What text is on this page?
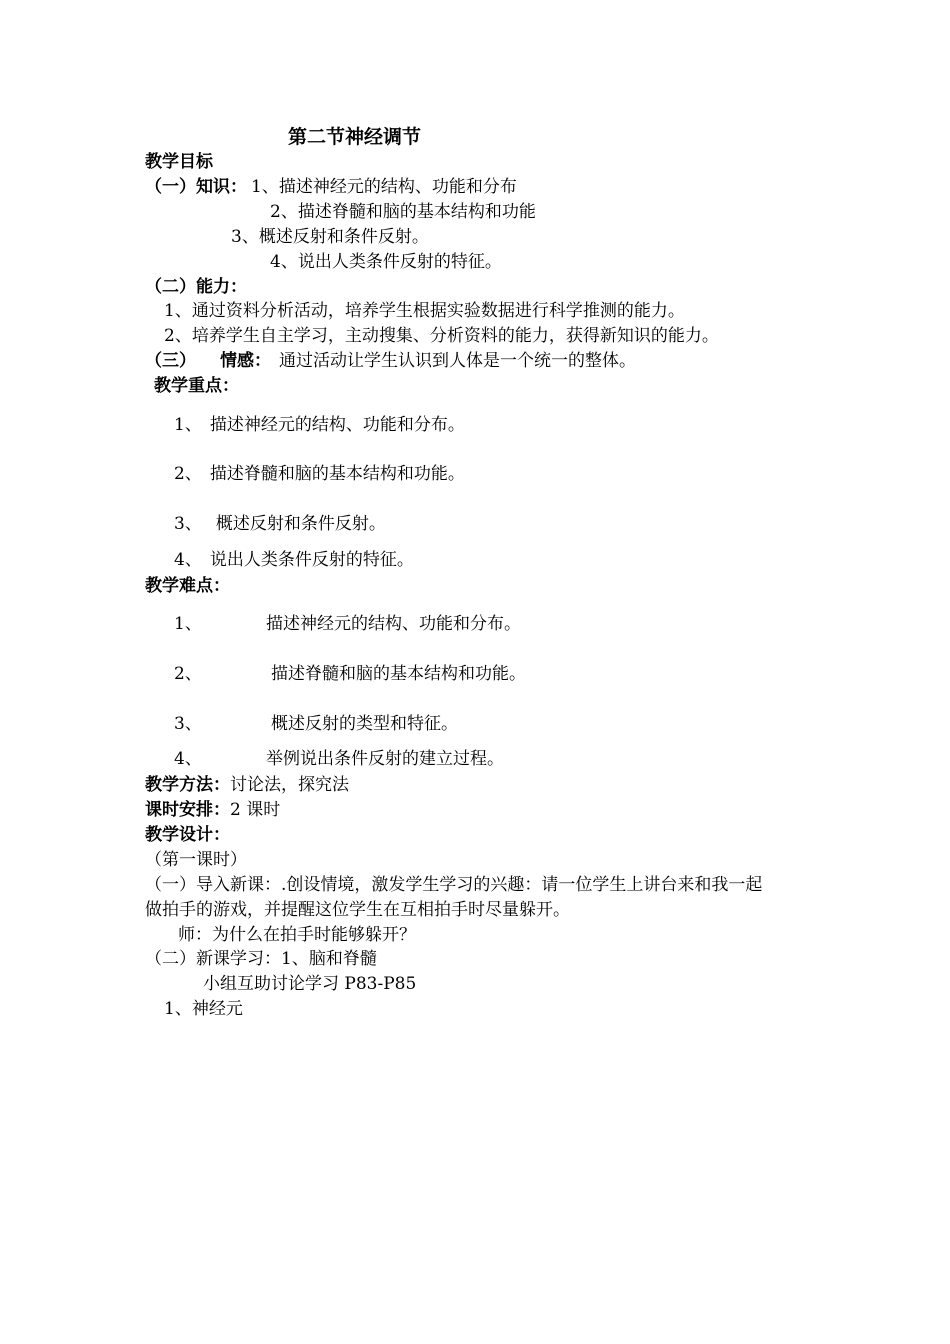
第二节神经调节
教学目标
（一）知识： 1、描述神经元的结构、功能和分布
2、描述脊髓和脑的基本结构和功能
3、概述反射和条件反射。
4、说出人类条件反射的特征。
（二）能力：
1、通过资料分析活动，培养学生根据实验数据进行科学推测的能力。
2、培养学生自主学习，主动搜集、分析资料的能力，获得新知识的能力。
（三） 情感： 通过活动让学生认识到人体是一个统一的整体。
教学重点：
1、 描述神经元的结构、功能和分布。
2、 描述脊髓和脑的基本结构和功能。
3、 概述反射和条件反射。
4、 说出人类条件反射的特征。
教学难点：
1、	描述神经元的结构、功能和分布。
2、	描述脊髓和脑的基本结构和功能。
3、	概述反射的类型和特征。
4、	举例说出条件反射的建立过程。
教学方法：讨论法，探究法
课时安排：2 课时
教学设计：
（第一课时）
（一）导入新课：.创设情境，激发学生学习的兴趣：请一位学生上讲台来和我一起
做拍手的游戏，并提醒这位学生在互相拍手时尽量躲开。
师：为什么在拍手时能够躲开？
（二）新课学习：1、脑和脊髓
小组互助讨论学习 P83-P85
1、神经元
